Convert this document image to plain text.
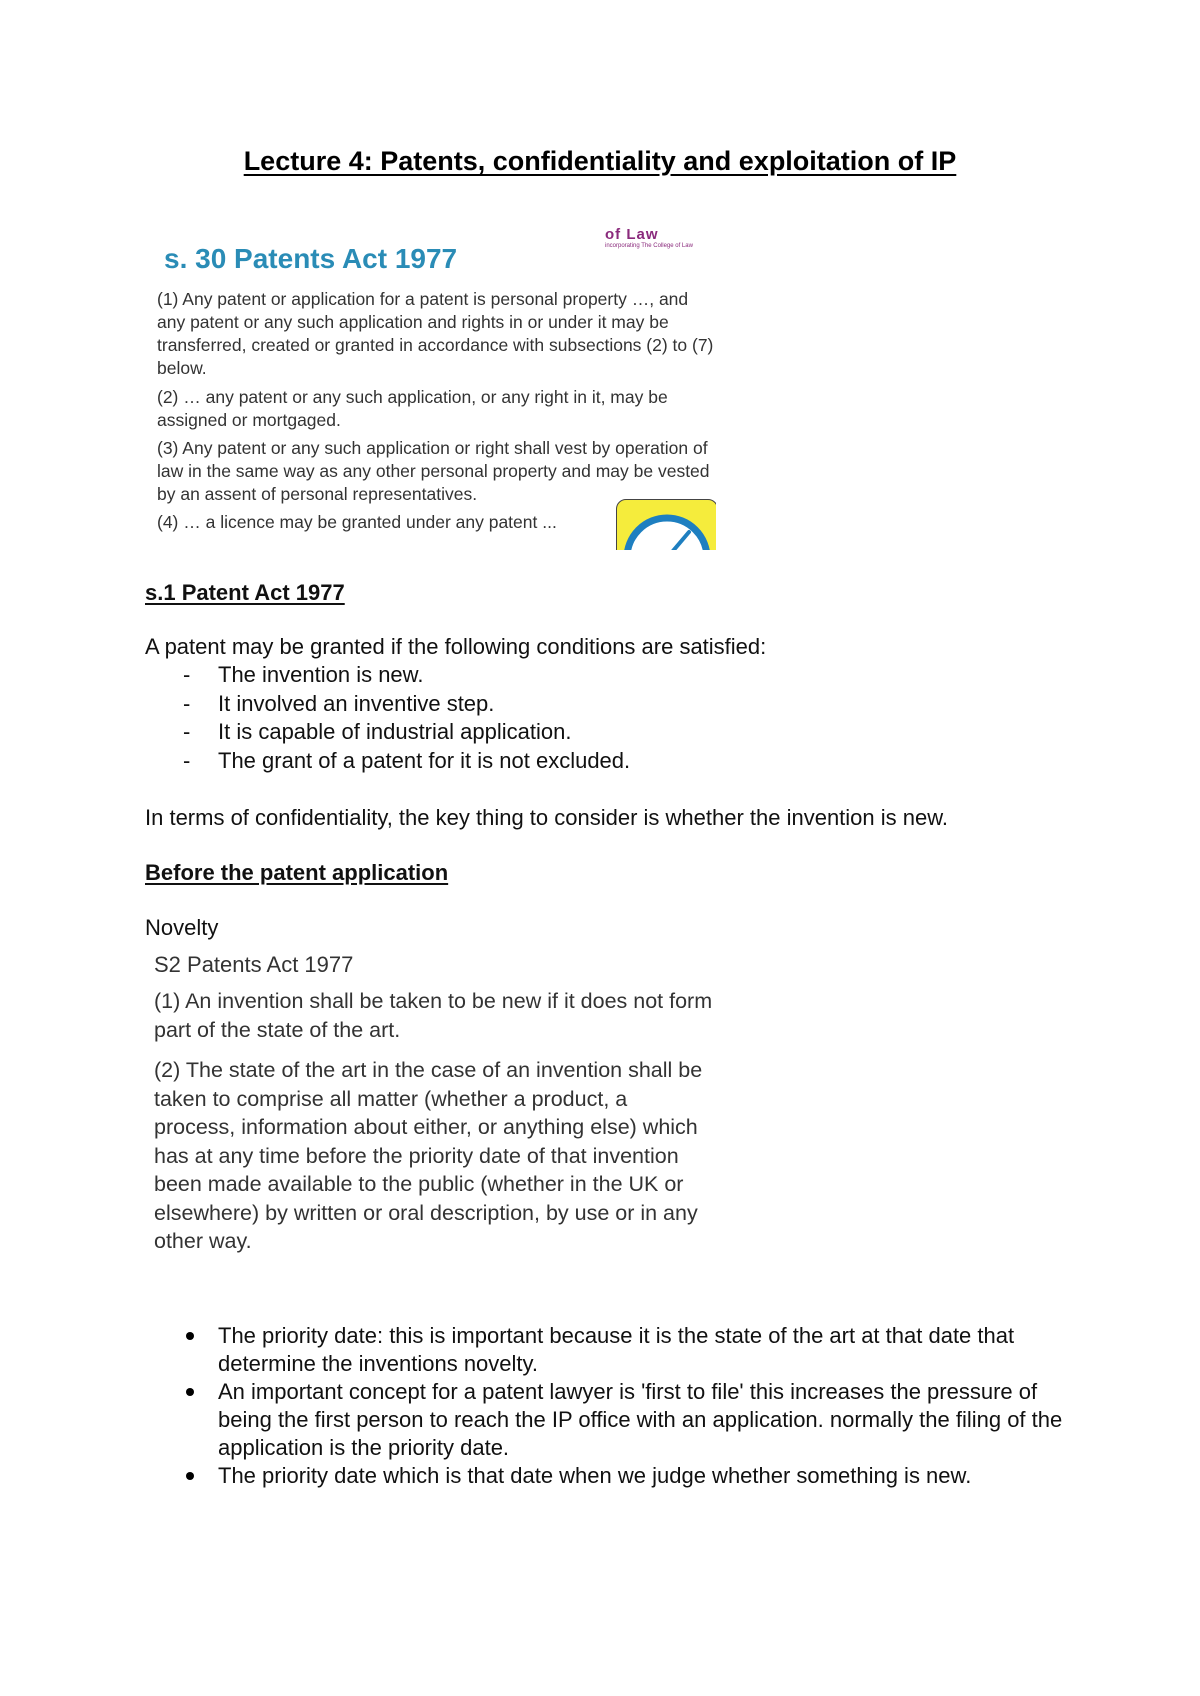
Lecture 4: Patents, confidentiality and exploitation of IP
s. 30 Patents Act 1977
of Law
incorporating The College of Law
(1) Any patent or application for a patent is personal property …, and any patent or any such application and rights in or under it may be transferred, created or granted in accordance with subsections (2) to (7) below.
(2) … any patent or any such application, or any right in it, may be assigned or mortgaged.
(3) Any patent or any such application or right shall vest by operation of law in the same way as any other personal property and may be vested by an assent of personal representatives.
(4) … a licence may be granted under any patent ...
s.1 Patent Act 1977
A patent may be granted if the following conditions are satisfied:
- The invention is new.
- It involved an inventive step.
- It is capable of industrial application.
- The grant of a patent for it is not excluded.
In terms of confidentiality, the key thing to consider is whether the invention is new.
Before the patent application
Novelty
S2 Patents Act 1977
(1) An invention shall be taken to be new if it does not form part of the state of the art.
(2) The state of the art in the case of an invention shall be taken to comprise all matter (whether a product, a process, information about either, or anything else) which has at any time before the priority date of that invention been made available to the public (whether in the UK or elsewhere) by written or oral description, by use or in any other way.
The priority date: this is important because it is the state of the art at that date that determine the inventions novelty.
An important concept for a patent lawyer is 'first to file' this increases the pressure of being the first person to reach the IP office with an application. normally the filing of the application is the priority date.
The priority date which is that date when we judge whether something is new.
